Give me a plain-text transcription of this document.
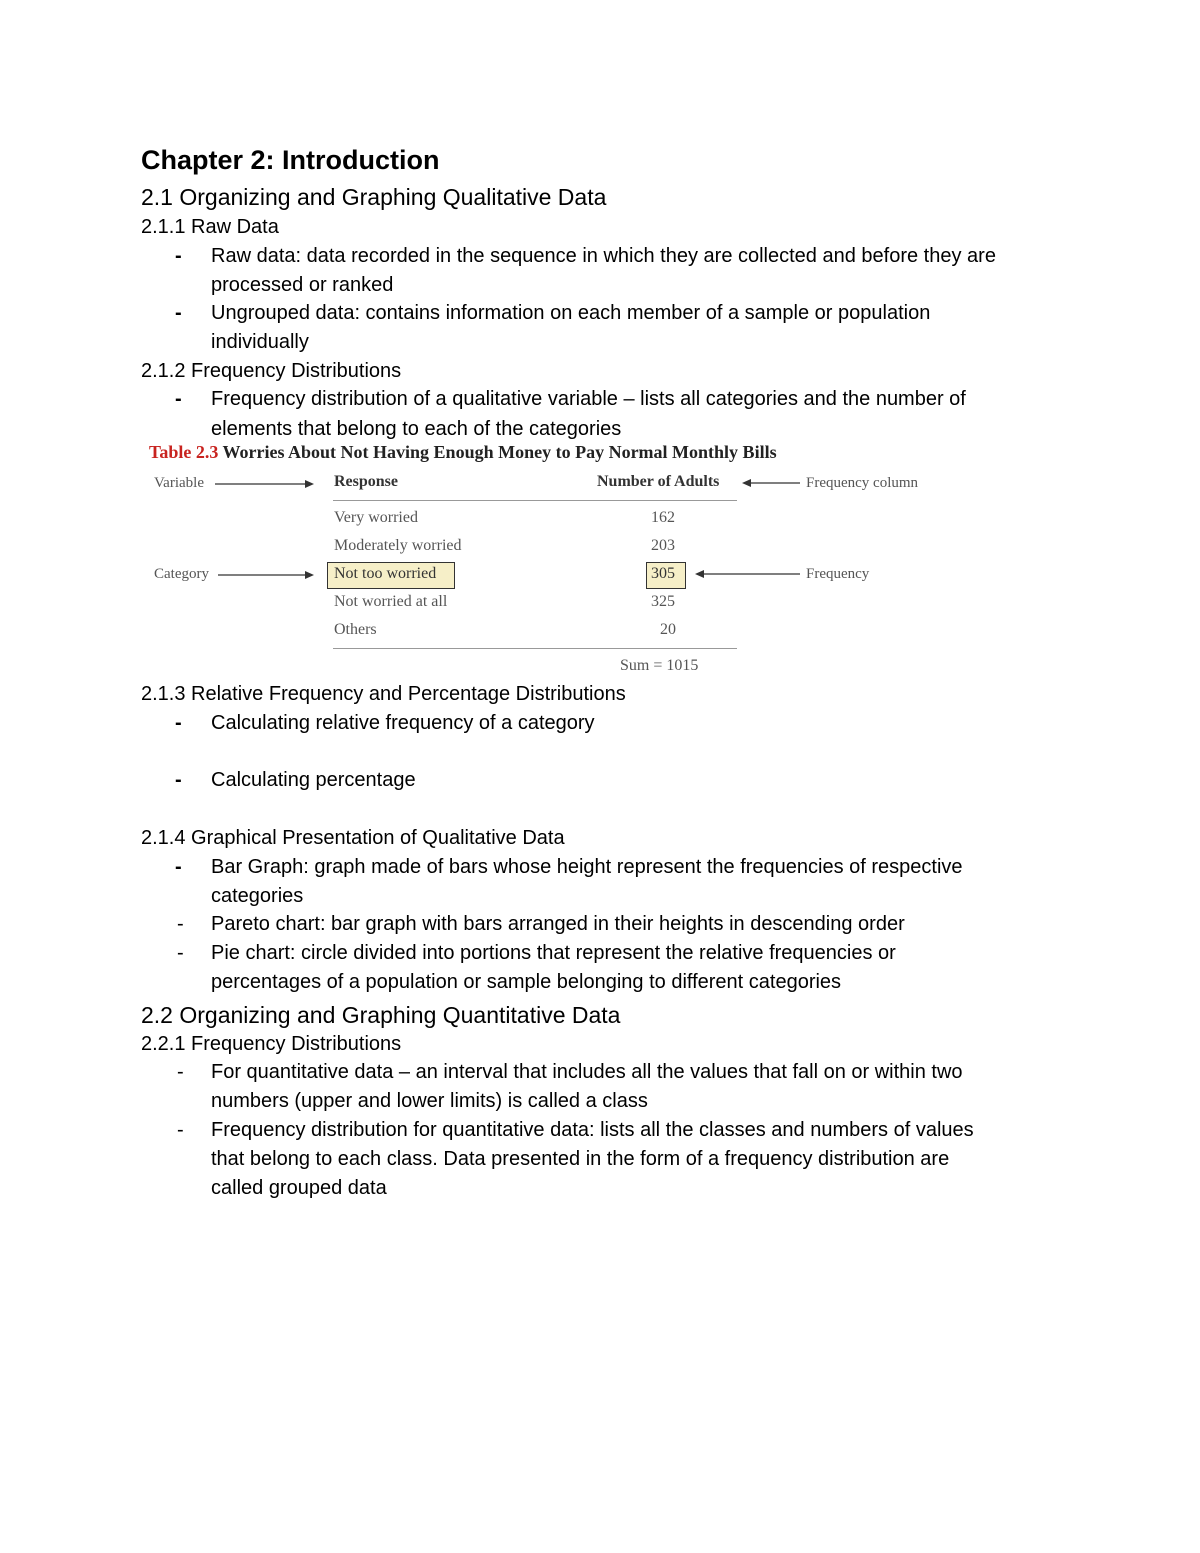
Chapter 2: Introduction
2.1 Organizing and Graphing Qualitative Data
2.1.1 Raw Data
- Raw data: data recorded in the sequence in which they are collected and before they are
processed or ranked
- Ungrouped data: contains information on each member of a sample or population
individually
2.1.2 Frequency Distributions
- Frequency distribution of a qualitative variable – lists all categories and the number of
elements that belong to each of the categories
Table 2.3 Worries About Not Having Enough Money to Pay Normal Monthly Bills
Variable	Response	Number of Adults	Frequency column
Very worried	162
Moderately worried	203
Category	Not too worried	305	Frequency
Not worried at all	325
Others	20
Sum = 1015
2.1.3 Relative Frequency and Percentage Distributions
- Calculating relative frequency of a category
- Calculating percentage
2.1.4 Graphical Presentation of Qualitative Data
- Bar Graph: graph made of bars whose height represent the frequencies of respective
categories
- Pareto chart: bar graph with bars arranged in their heights in descending order
- Pie chart: circle divided into portions that represent the relative frequencies or
percentages of a population or sample belonging to different categories
2.2 Organizing and Graphing Quantitative Data
2.2.1 Frequency Distributions
- For quantitative data – an interval that includes all the values that fall on or within two
numbers (upper and lower limits) is called a class
- Frequency distribution for quantitative data: lists all the classes and numbers of values
that belong to each class. Data presented in the form of a frequency distribution are
called grouped data
